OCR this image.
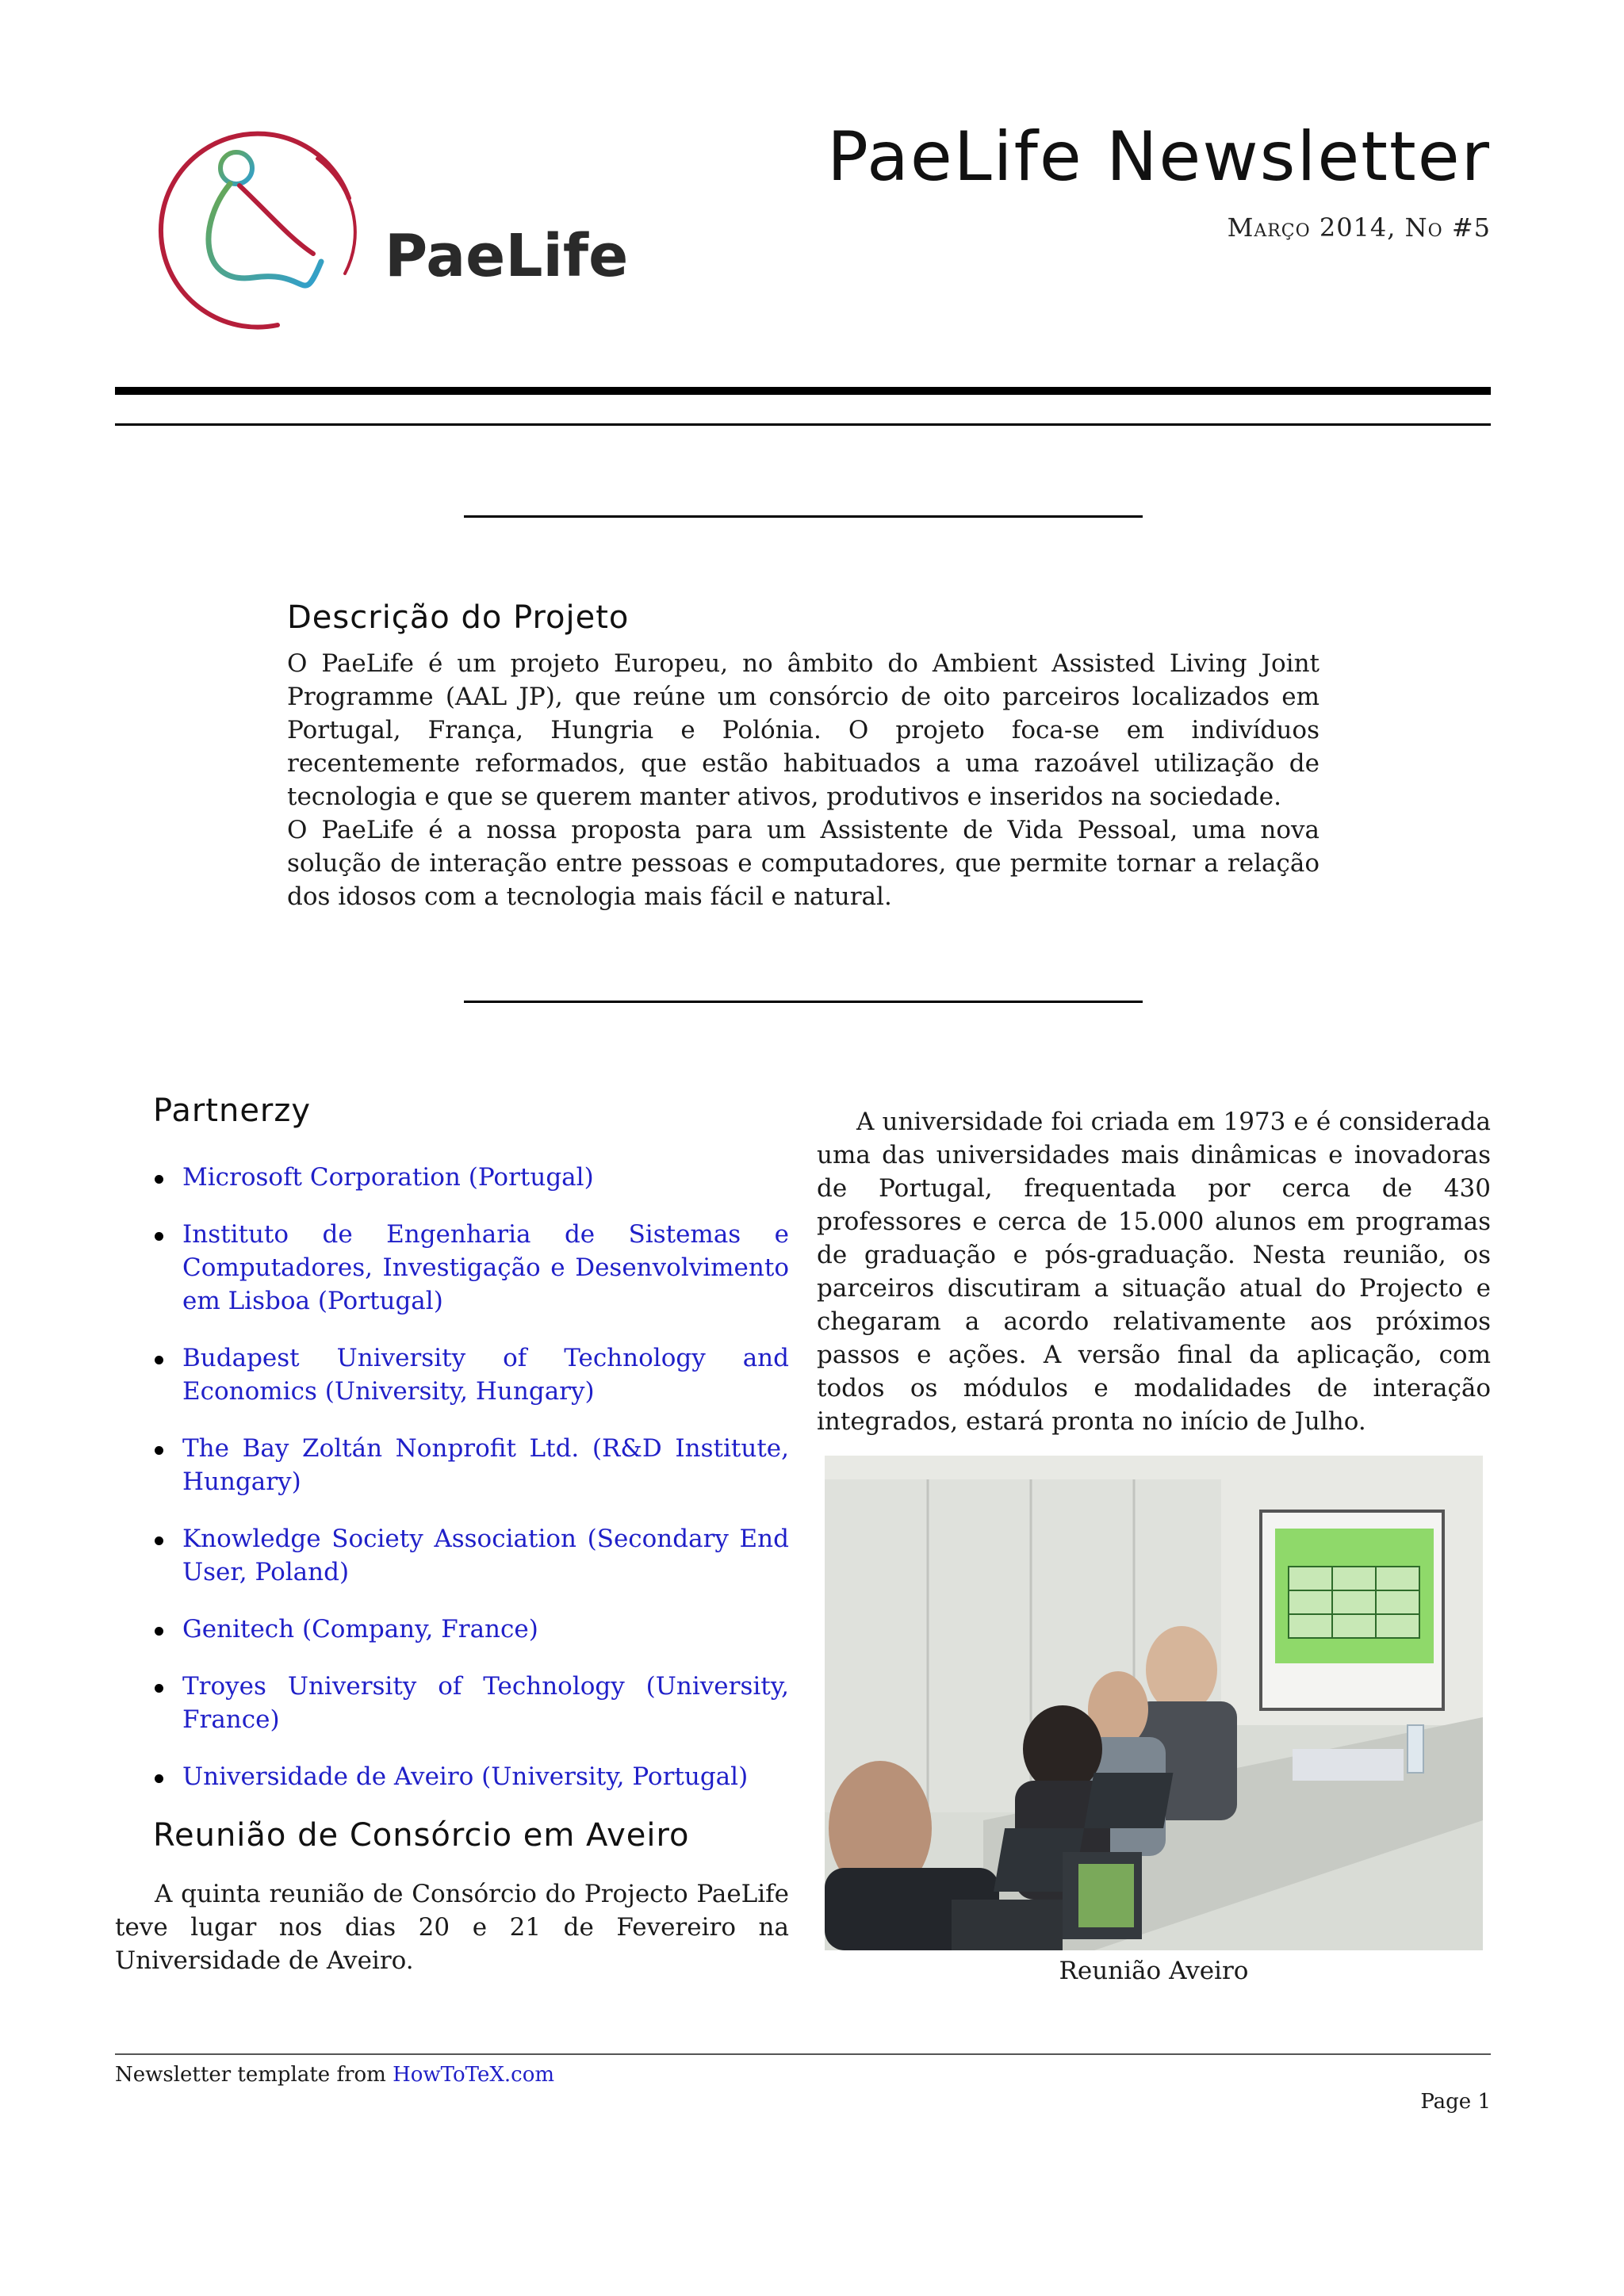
PaeLife
PaeLife Newsletter
Março 2014, No #5
Descrição do Projeto

O PaeLife é um projeto Europeu, no âmbito do Ambient Assisted Living Joint Programme (AAL JP), que reúne um consórcio de oito parceiros localizados em Portugal, França, Hungria e Polónia. O projeto foca-se em indivíduos recentemente reformados, que estão habituados a uma razoável utilização de tecnologia e que se querem manter ativos, produtivos e inseridos na sociedade.

O PaeLife é a nossa proposta para um Assistente de Vida Pessoal, uma nova solução de interação entre pessoas e computadores, que permite tornar a relação dos idosos com a tecnologia mais fácil e natural.

Partnerzy
Microsoft Corporation (Portugal)
Instituto de Engenharia de Sistemas e Computadores, Investigação e Desenvolvimento em Lisboa (Portugal)
Budapest University of Technology and Economics (University, Hungary)
The Bay Zoltán Nonprofit Ltd. (R&D Institute, Hungary)
Knowledge Society Association (Secondary End User, Poland)
Genitech (Company, France)
Troyes University of Technology (University, France)
Universidade de Aveiro (University, Portugal)
Reunião de Consórcio em Aveiro

A quinta reunião de Consórcio do Projecto PaeLife teve lugar nos dias 20 e 21 de Fevereiro na Universidade de Aveiro.

A universidade foi criada em 1973 e é considerada uma das universidades mais dinâmicas e inovadoras de Portugal, frequentada por cerca de 430 professores e cerca de 15.000 alunos em programas de graduação e pós-graduação. Nesta reunião, os parceiros discutiram a situação atual do Projecto e chegaram a acordo relativamente aos próximos passos e ações. A versão final da aplicação, com todos os módulos e modalidades de interação integrados, estará pronta no início de Julho.

Reunião Aveiro
Newsletter template from HowToTeX.com
Page 1
